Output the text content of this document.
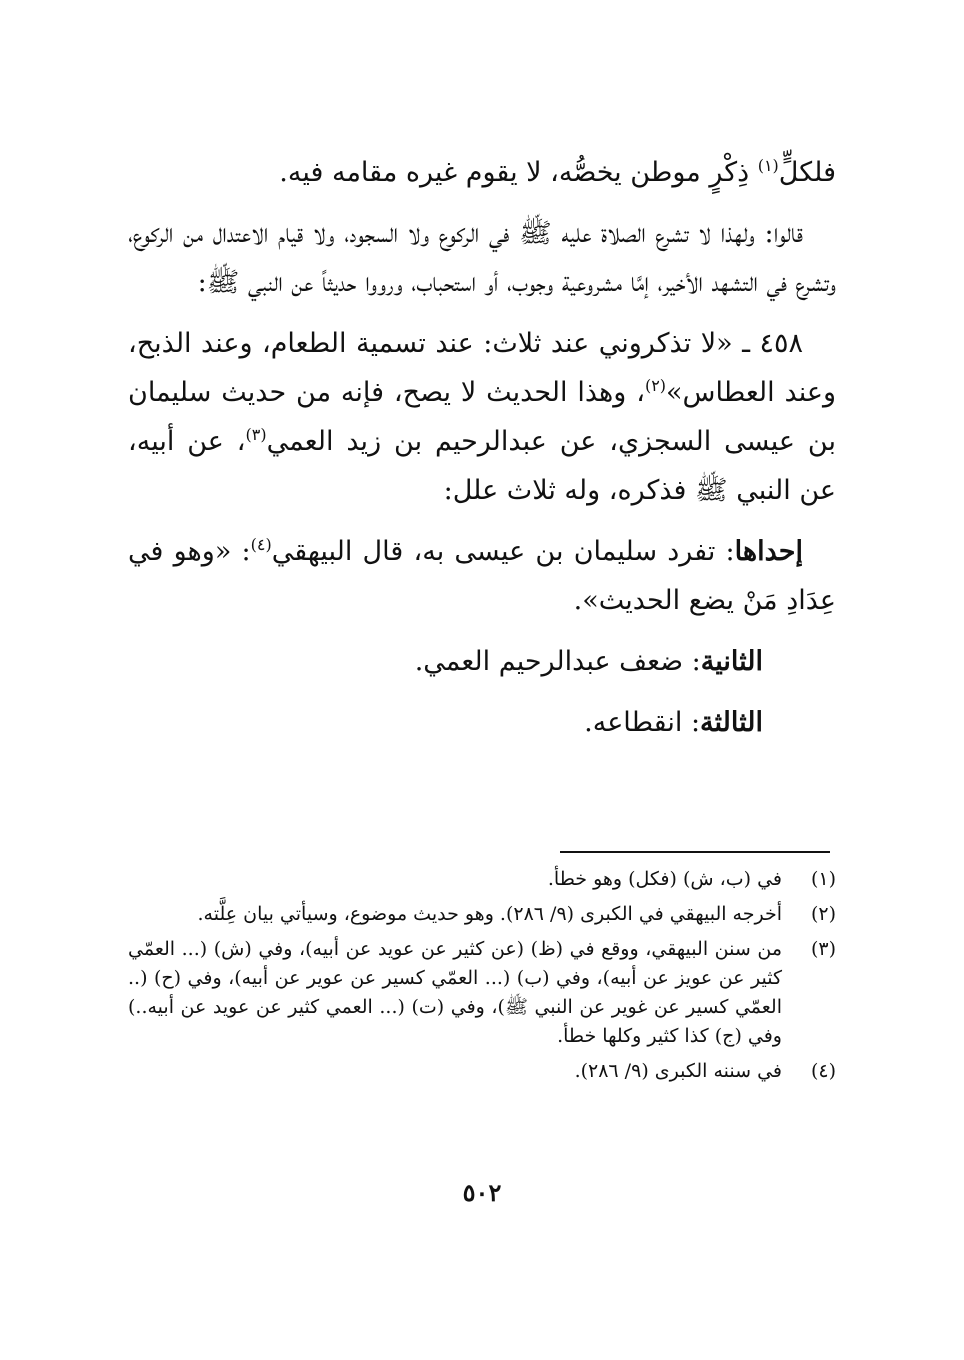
فلكلٍّ$^{(١)}$ ذِكْرٍ موطن يخصُّه، لا يقوم غيره مقامه فيه.

قالوا: ولهذا لا تشرع الصلاة عليه ﷺ في الركوع ولا السجود، ولا قيام الاعتدال من الركوع، وتشرع في التشهد الأخير، إمَّا مشروعية وجوب، أو استحباب، ورووا حديثاً عن النبي ﷺ:

٤٥٨ ـ «لا تذكروني عند ثلاث: عند تسمية الطعام، وعند الذبح، وعند العطاس»$^{(٢)}$، وهذا الحديث لا يصح، فإنه من حديث سليمان بن عيسى السجزي، عن عبدالرحيم بن زيد العمي$^{(٣)}$، عن أبيه، عن النبي ﷺ فذكره، وله ثلاث علل:

إحداها: تفرد سليمان بن عيسى به، قال البيهقي$^{(٤)}$: «وهو في عِدَادِ مَنْ يضع الحديث».

الثانية: ضعف عبدالرحيم العمي.

الثالثة: انقطاعه.

(١)
في (ب، ش) (فكل) وهو خطأ.
(٢)
أخرجه البيهقي في الكبرى (٩/ ٢٨٦). وهو حديث موضوع، وسيأتي بيان عِلَّته.
(٣)
من سنن البيهقي، ووقع في (ظ) (عن كثير عن عويد عن أبيه)، وفي (ش) (... العمّي كثير عن عويز عن أبيه)، وفي (ب) (... العمّي كسير عن عوير عن أبيه)، وفي (ح) (.. العمّي كسير عن غوير عن النبي ﷺ)، وفي (ت) (... العمي كثير عن عويد عن أبيه..) وفي (ج) كذا كثير وكلها خطأ.
(٤)
في سننه الكبرى (٩/ ٢٨٦).
٥٠٢
